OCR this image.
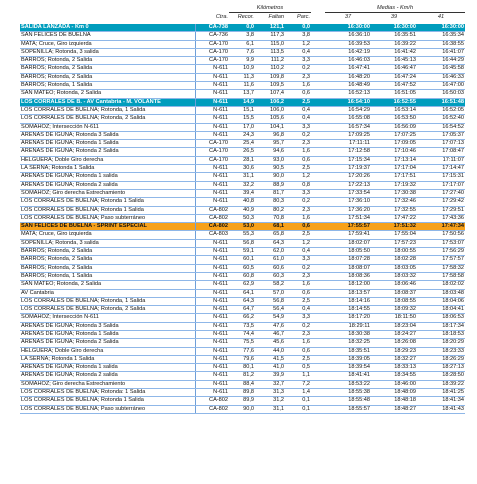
		Kilómetros				Medias - Km/h		
	Ctra.	Recor.	Faltan	Parc.		37	39	41

SALIDA LANZADA - Km 0	CA-738	0,0	121,1	0,0		16:30:00	16:30:00	16:30:00
SAN FELICES DE BUELNA	CA-736	3,8	117,3	3,8		16:36:10	16:35:51	16:35:34
MATA; Cruce, Giro izquierda	CA-170	6,1	115,0	1,2		16:39:53	16:39:22	16:38:55
SOPENILLA; Rotonda, 3 salida	CA-170	7,6	113,5	0,4		16:42:19	16:41:42	16:41:07
BARROS; Rotonda, 2 Salida	CA-170	9,9	111,2	3,3		16:46:03	16:45:13	16:44:29
BARROS; Rotonda, 2 Salida	N-611	10,9	110,2	0,2		16:47:41	16:46:47	16:45:58
BARROS; Rotonda, 2 Salida	N-611	11,3	109,8	2,3		16:48:20	16:47:24	16:46:33
BARROS; Rotonda, 1 Salida	N-611	11,6	109,5	1,6		16:48:49	16:47:52	16:47:00
SAN MATEO; Rotonda, 2 Salida	N-611	13,7	107,4	0,6		16:52:13	16:51:05	16:50:03
LOS CORRALES DE B. - AV Cantabria - M. VOLANTE	N-611	14,9	106,2	2,5		16:54:10	16:52:55	16:51:48
LOS CORRALES DE BUELNA; Rotonda, 1 Salida	N-611	15,1	106,0	0,4		16:54:29	16:53:14	16:52:05
LOS CORRALES DE BUELNA; Rotonda, 2 Salida	N-611	15,5	105,6	0,4		16:55:08	16:53:50	16:52:40
SOMAHOZ; Intersección N-611	N-611	17,0	104,1	3,3		16:57:34	16:56:09	16:54:52
ARENAS DE IGUÑA; Rotonda 3 Salida	N-611	24,3	96,8	0,2		17:09:25	17:07:25	17:05:37
ARENAS DE IGUÑA; Rotonda 1 Salida	CA-170	25,4	95,7	2,3		17:11:11	17:09:05	17:07:13
ARENAS DE IGUÑA; Rotonda 2 Salida	CA-170	26,5	94,6	1,6		17:12:58	17:10:46	17:08:47
HELGUERA; Doble Giro derecha	CA-170	28,1	93,0	0,6		17:15:34	17:13:14	17:11:07
LA SERNA; Rotonda 1 Salida	N-611	30,6	90,5	2,5		17:19:37	17:17:04	17:14:47
ARENAS DE IGUÑA; Rotonda 1 salida	N-611	31,1	90,0	1,2		17:20:26	17:17:51	17:15:31
ARENAS DE IGUÑA; Rotonda 2 salida	N-611	32,2	88,9	0,8		17:22:13	17:19:32	17:17:07
SOMAHOZ; Giro derecha Estrechamiento	N-611	39,4	81,7	3,3		17:33:54	17:30:38	17:27:40
LOS CORRALES DE BUELNA; Rotonda 1 Salida	N-611	40,8	80,3	0,2		17:36:10	17:32:46	17:29:42
LOS CORRALES DE BUELNA; Rotonda 1 Salida	CA-802	40,9	80,2	2,3		17:36:20	17:32:55	17:29:51
LOS CORRALES DE BUELNA; Paso subterráneo	CA-802	50,3	70,8	1,6		17:51:34	17:47:22	17:43:36
SAN FELICES DE BUELNA - SPRINT ESPECIAL	CA-802	53,0	68,1	0,6		17:55:57	17:51:32	17:47:34
MATA; Cruce, Giro izquierda	CA-803	55,3	65,8	2,5		17:59:41	17:55:04	17:50:56
SOPENILLA; Rotonda, 3 salida	N-611	56,8	64,3	1,2		18:02:07	17:57:23	17:53:07
BARROS; Rotonda, 2 Salida	N-611	59,1	62,0	0,4		18:05:50	18:00:55	17:56:29
BARROS; Rotonda, 2 Salida	N-611	60,1	61,0	3,3		18:07:28	18:02:28	17:57:57
BARROS; Rotonda, 2 Salida	N-611	60,5	60,6	0,2		18:08:07	18:03:05	17:58:32
BARROS; Rotonda, 1 Salida	N-611	60,8	60,3	2,3		18:08:36	18:03:32	17:58:58
SAN MATEO; Rotonda, 2 Salida	N-611	62,9	58,2	1,6		18:12:00	18:06:46	18:02:02
AV Cantabria	N-611	64,1	57,0	0,6		18:13:57	18:08:37	18:03:48
LOS CORRALES DE BUELNA; Rotonda, 1 Salida	N-611	64,3	56,8	2,5		18:14:16	18:08:55	18:04:06
LOS CORRALES DE BUELNA; Rotonda, 2 Salida	N-611	64,7	56,4	0,4		18:14:55	18:09:32	18:04:41
SOMAHOZ; Intersección N-611	N-611	66,2	54,9	3,3		18:17:20	18:11:50	18:06:53
ARENAS DE IGUÑA; Rotonda 3 Salida	N-611	73,5	47,6	0,2		18:29:11	18:23:04	18:17:34
ARENAS DE IGUÑA; Rotonda 1 Salida	N-611	74,4	46,7	2,3		18:30:38	18:24:27	18:18:53
ARENAS DE IGUÑA; Rotonda 2 Salida	N-611	75,5	45,6	1,6		18:32:25	18:26:08	18:20:29
HELGUERA; Doble Giro derecha	N-611	77,6	44,0	0,6		18:35:51	18:29:23	18:23:33
LA SERNA; Rotonda 1 Salida	N-611	79,6	41,5	2,5		18:39:05	18:32:27	18:26:29
ARENAS DE IGUÑA; Rotonda 1 salida	N-611	80,1	41,0	0,5		18:39:54	18:33:13	18:27:13
ARENAS DE IGUÑA; Rotonda 2 salida	N-611	81,2	39,9	1,1		18:41:41	18:34:55	18:28:50
SOMAHOZ; Giro derecha Estrechamiento	N-611	88,4	32,7	7,2		18:53:22	18:46:00	18:39:22
LOS CORRALES DE BUELNA; Rotonda: 1 Salida	N-611	89,8	31,3	1,4		18:55:38	18:48:09	18:41:25
LOS CORRALES DE BUELNA; Rotonda 1 Salida	CA-802	89,9	31,2	0,1		18:55:48	18:48:18	18:41:34
LOS CORRALES DE BUELNA; Paso subterráneo	CA-802	90,0	31,1	0,1		18:55:57	18:48:27	18:41:43
